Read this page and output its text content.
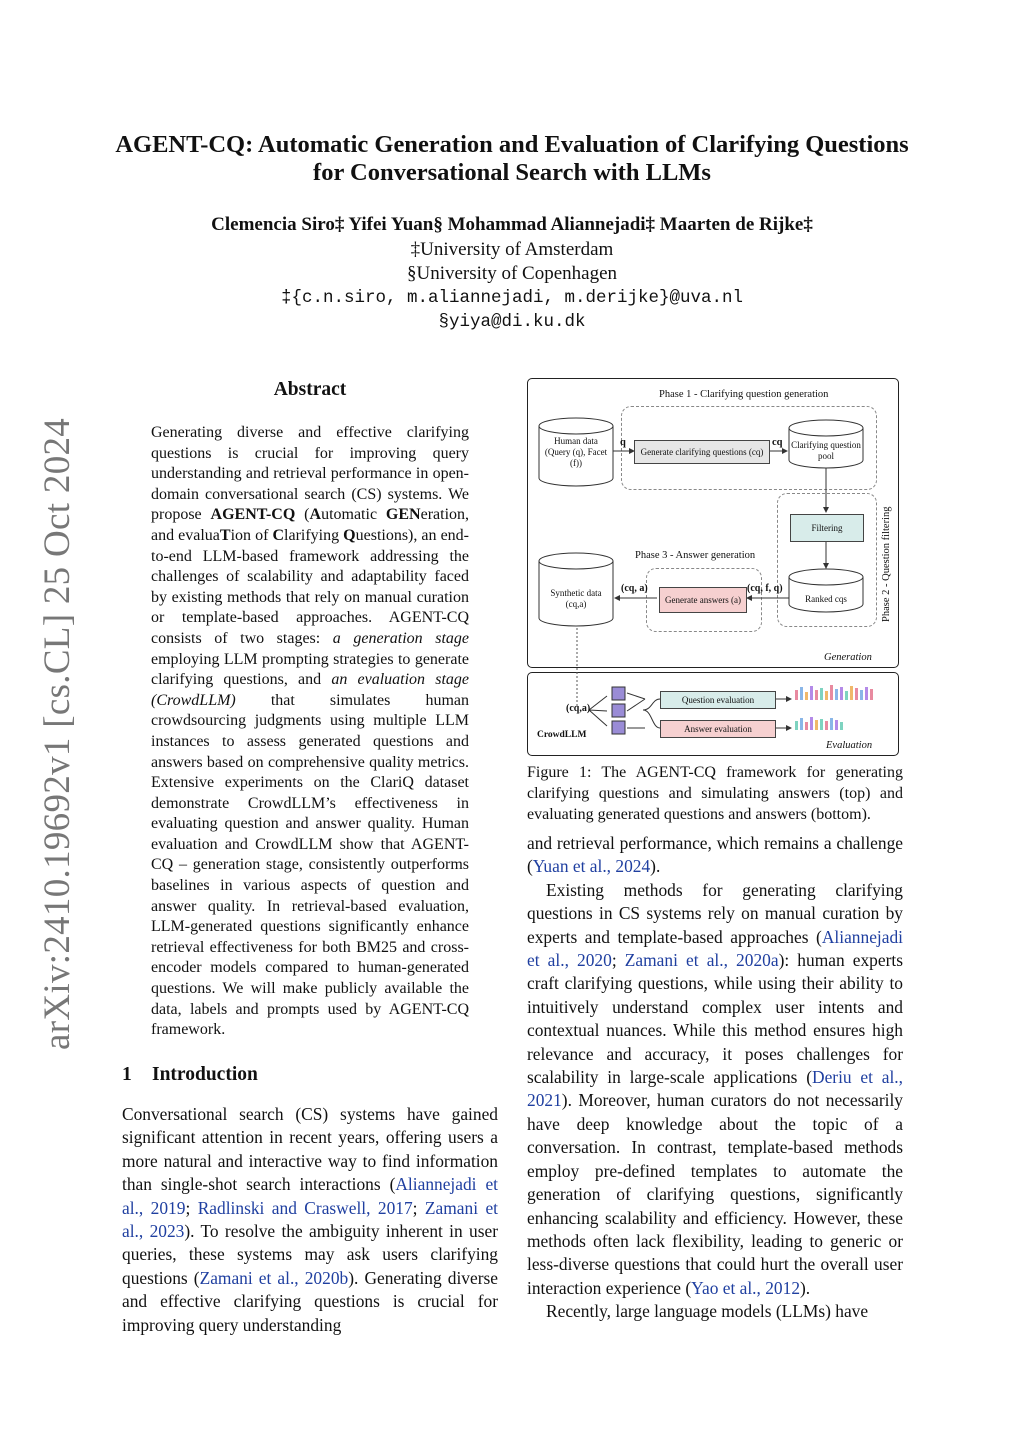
arXiv:2410.19692v1 [cs.CL] 25 Oct 2024
AGENT-CQ: Automatic Generation and Evaluation of Clarifying Questions
for Conversational Search with LLMs
Clemencia Siro‡ Yifei Yuan§ Mohammad Aliannejadi‡ Maarten de Rijke‡
‡University of Amsterdam
§University of Copenhagen
‡{c.n.siro, m.aliannejadi, m.derijke}@uva.nl
§yiya@di.ku.dk
Abstract
Generating diverse and effective clarifying questions is crucial for improving query understanding and retrieval performance in open-domain conversational search (CS) systems. We propose AGENT-CQ (Automatic GENeration, and evaluaTion of Clarifying Questions), an end-to-end LLM-based framework addressing the challenges of scalability and adaptability faced by existing methods that rely on manual curation or template-based approaches. AGENT-CQ consists of two stages: a generation stage employing LLM prompting strategies to generate clarifying questions, and an evaluation stage (CrowdLLM) that simulates human crowdsourcing judgments using multiple LLM instances to assess generated questions and answers based on comprehensive quality metrics. Extensive experiments on the ClariQ dataset demonstrate CrowdLLM’s effectiveness in evaluating question and answer quality. Human evaluation and CrowdLLM show that AGENT-CQ – generation stage, consistently outperforms baselines in various aspects of question and answer quality. In retrieval-based evaluation, LLM-generated questions significantly enhance retrieval effectiveness for both BM25 and cross-encoder models compared to human-generated questions. We will make publicly available the data, labels and prompts used by AGENT-CQ framework.
1 Introduction
Conversational search (CS) systems have gained significant attention in recent years, offering users a more natural and interactive way to find information than single-shot search interactions (Aliannejadi et al., 2019; Radlinski and Craswell, 2017; Zamani et al., 2023). To resolve the ambiguity inherent in user queries, these systems may ask users clarifying questions (Zamani et al., 2020b). Generating diverse and effective clarifying questions is crucial for improving query understanding
Phase 1 - Clarifying question generation
Phase 3 - Answer generation	Phase 2 - Question filtering
Human data (Query (q), Facet (f))
q
Generate clarifying questions (cq)
cq Clarifying question pool
Filtering
Synthetic data (cq,a)
(cq, a)
Generate answers (a)
(cq, f, q)
Ranked cqs
Generation
(cq,a)
CrowdLLM
Question evaluation
Answer evaluation
Evaluation
Figure 1: The AGENT-CQ framework for generating clarifying questions and simulating answers (top) and evaluating generated questions and answers (bottom).

and retrieval performance, which remains a challenge (Yuan et al., 2024).

Existing methods for generating clarifying questions in CS systems rely on manual curation by experts and template-based approaches (Aliannejadi et al., 2020; Zamani et al., 2020a): human experts craft clarifying questions, while using their ability to intuitively understand complex user intents and contextual nuances. While this method ensures high relevance and accuracy, it poses challenges for scalability in large-scale applications (Deriu et al., 2021). Moreover, human curators do not necessarily have deep knowledge about the topic of a conversation. In contrast, template-based methods employ pre-defined templates to automate the generation of clarifying questions, significantly enhancing scalability and efficiency. However, these methods often lack flexibility, leading to generic or less-diverse questions that could hurt the overall user interaction experience (Yao et al., 2012).

Recently, large language models (LLMs) have
